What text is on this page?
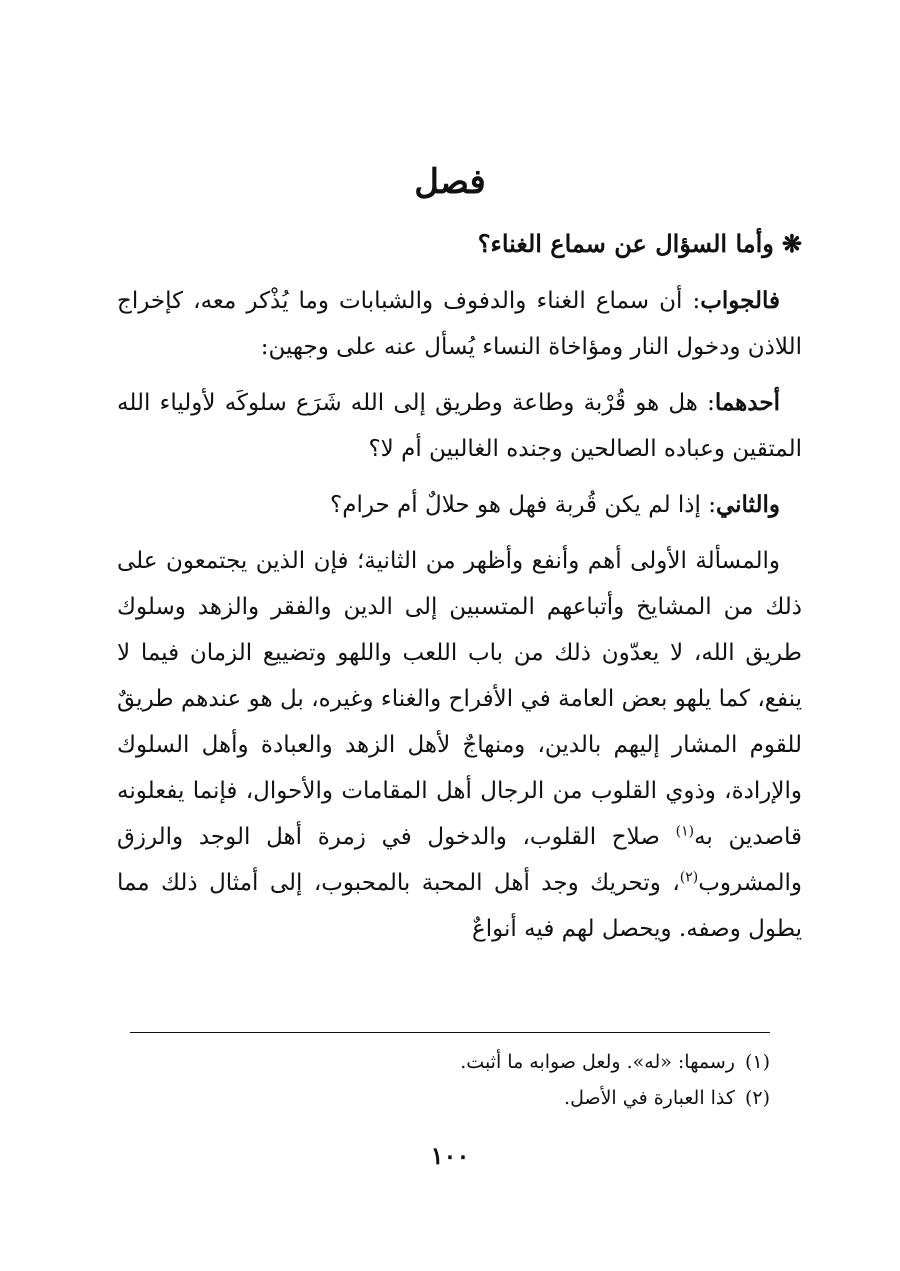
فصل
❋وأما السؤال عن سماع الغناء؟

فالجواب: أن سماع الغناء والدفوف والشبابات وما يُذْكر معه، كإخراج اللاذن ودخول النار ومؤاخاة النساء يُسأل عنه على وجهين:

أحدهما: هل هو قُرْبة وطاعة وطريق إلى الله شَرَع سلوكَه لأولياء الله المتقين وعباده الصالحين وجنده الغالبين أم لا؟

والثاني: إذا لم يكن قُربة فهل هو حلالٌ أم حرام؟

والمسألة الأولى أهم وأنفع وأظهر من الثانية؛ فإن الذين يجتمعون على ذلك من المشايخ وأتباعهم المتسبين إلى الدين والفقر والزهد وسلوك طريق الله، لا يعدّون ذلك من باب اللعب واللهو وتضييع الزمان فيما لا ينفع، كما يلهو بعض العامة في الأفراح والغناء وغيره، بل هو عندهم طريقٌ للقوم المشار إليهم بالدين، ومنهاجٌ لأهل الزهد والعبادة وأهل السلوك والإرادة، وذوي القلوب من الرجال أهل المقامات والأحوال، فإنما يفعلونه قاصدين به$^{(١)}$ صلاح القلوب، والدخول في زمرة أهل الوجد والرزق والمشروب$^{(٢)}$، وتحريك وجد أهل المحبة بالمحبوب، إلى أمثال ذلك مما يطول وصفه. ويحصل لهم فيه أنواعٌ

(١)رسمها: «له». ولعل صوابه ما أثبت.
(٢)كذا العبارة في الأصل.
١٠٠
